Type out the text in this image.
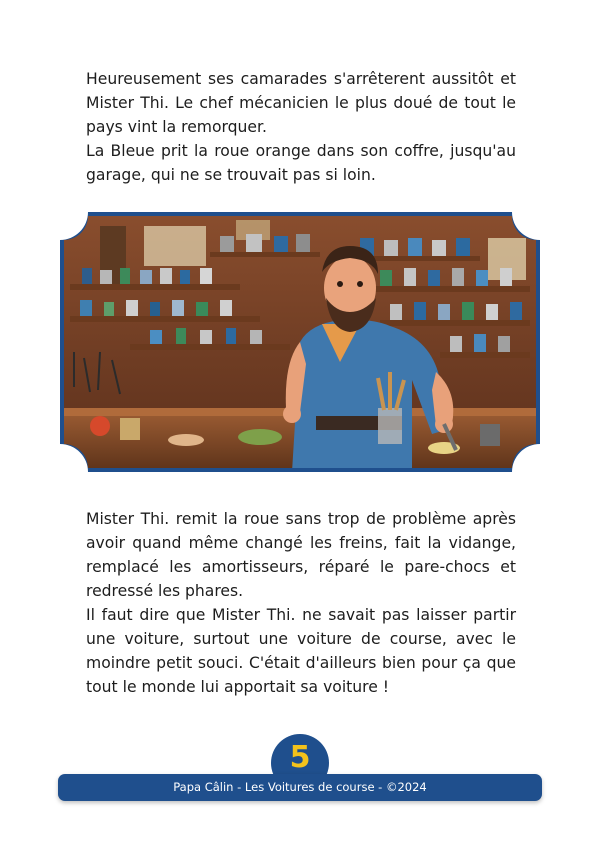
Heureusement ses camarades s'arrêterent aussitôt et Mister Thi. Le chef mécanicien le plus doué de tout le pays vint la remorquer.

La Bleue prit la roue orange dans son coffre, jusqu'au garage, qui ne se trouvait pas si loin.

Mister Thi. remit la roue sans trop de problème après avoir quand même changé les freins, fait la vidange, remplacé les amortisseurs, réparé le pare-chocs et redressé les phares.

Il faut dire que Mister Thi. ne savait pas laisser partir une voiture, surtout une voiture de course, avec le moindre petit souci. C'était d'ailleurs bien pour ça que tout le monde lui apportait sa voiture !

Papa Câlin - Les Voitures de course - ©2024
5
